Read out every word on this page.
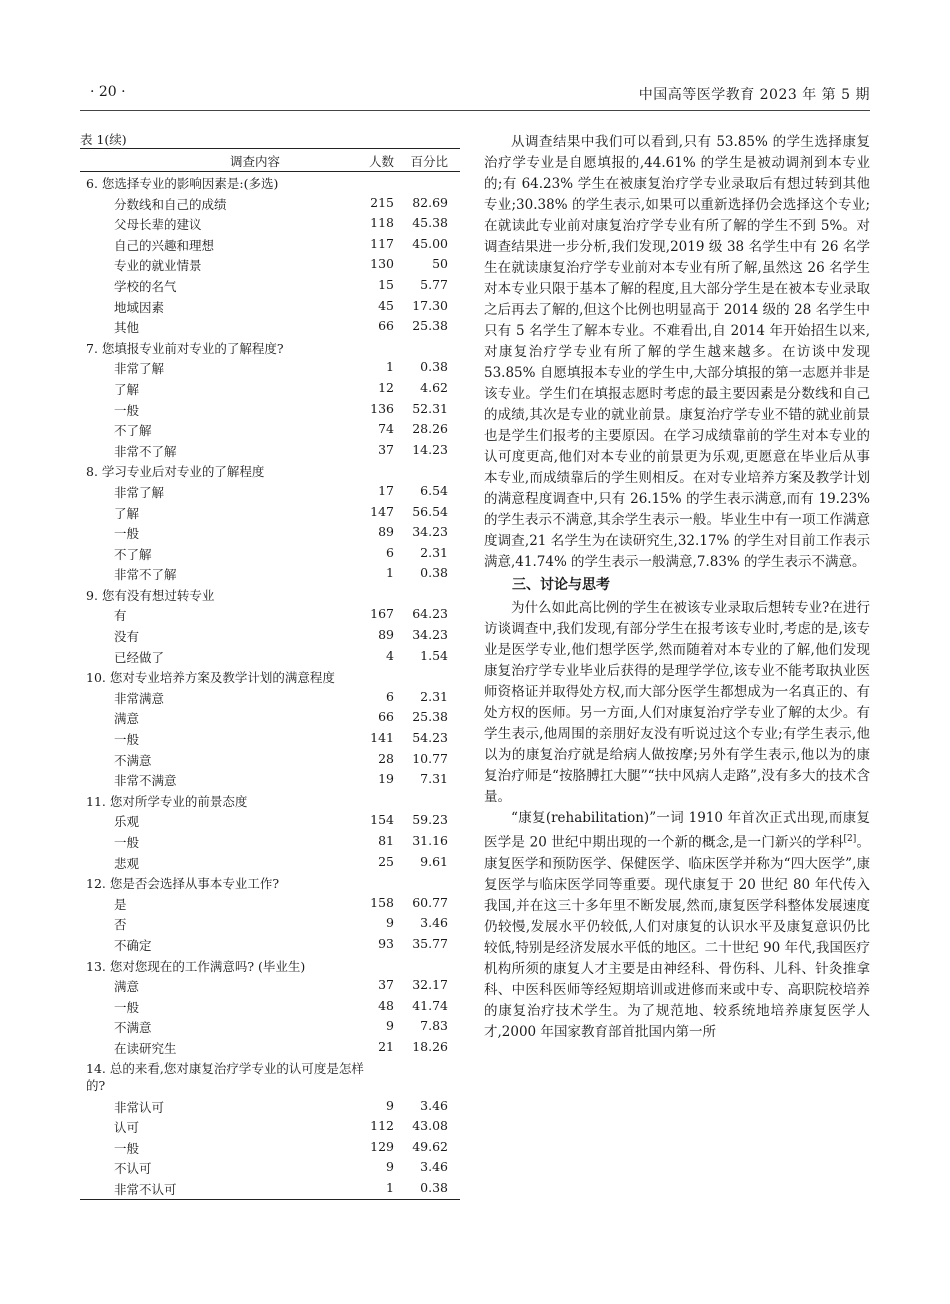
· 20 ·	中国高等医学教育 2023 年 第 5 期
表 1(续)
调查内容	人数 百分比
6. 您选择专业的影响因素是:(多选)
分数线和自己的成绩	215	82.69
父母长辈的建议	118	45.38
自己的兴趣和理想	117	45.00
专业的就业情景	130	50
学校的名气	15	5.77
地域因素	45	17.30
其他	66	25.38
7. 您填报专业前对专业的了解程度?
非常了解	1	0.38
了解	12	4.62
一般	136	52.31
不了解	74	28.26
非常不了解	37	14.23
8. 学习专业后对专业的了解程度
非常了解	17	6.54
了解	147	56.54
一般	89	34.23
不了解	6	2.31
非常不了解	1	0.38
9. 您有没有想过转专业
有	167	64.23
没有	89	34.23
已经做了	4	1.54
10. 您对专业培养方案及教学计划的满意程度
非常满意	6	2.31
满意	66	25.38
一般	141	54.23
不满意	28	10.77
非常不满意	19	7.31
11. 您对所学专业的前景态度
乐观	154	59.23
一般	81	31.16
悲观	25	9.61
12. 您是否会选择从事本专业工作?
是	158	60.77
否	9	3.46
不确定	93	35.77
13. 您对您现在的工作满意吗? (毕业生)
满意	37	32.17
一般	48	41.74
不满意	9	7.83
在读研究生	21	18.26
14. 总的来看,您对康复治疗学专业的认可度是怎样的?
非常认可	9	3.46
认可	112	43.08
一般	129	49.62
不认可	9	3.46
非常不认可	1	0.38

从调查结果中我们可以看到,只有 53.85% 的学生选择康复治疗学专业是自愿填报的,44.61% 的学生是被动调剂到本专业的;有 64.23% 学生在被康复治疗学专业录取后有想过转到其他专业;30.38% 的学生表示,如果可以重新选择仍会选择这个专业;在就读此专业前对康复治疗学专业有所了解的学生不到 5%。对调查结果进一步分析,我们发现,2019 级 38 名学生中有 26 名学生在就读康复治疗学专业前对本专业有所了解,虽然这 26 名学生对本专业只限于基本了解的程度,且大部分学生是在被本专业录取之后再去了解的,但这个比例也明显高于 2014 级的 28 名学生中只有 5 名学生了解本专业。不难看出,自 2014 年开始招生以来,对康复治疗学专业有所了解的学生越来越多。在访谈中发现 53.85% 自愿填报本专业的学生中,大部分填报的第一志愿并非是该专业。学生们在填报志愿时考虑的最主要因素是分数线和自己的成绩,其次是专业的就业前景。康复治疗学专业不错的就业前景也是学生们报考的主要原因。在学习成绩靠前的学生对本专业的认可度更高,他们对本专业的前景更为乐观,更愿意在毕业后从事本专业,而成绩靠后的学生则相反。在对专业培养方案及教学计划的满意程度调查中,只有 26.15% 的学生表示满意,而有 19.23% 的学生表示不满意,其余学生表示一般。毕业生中有一项工作满意度调查,21 名学生为在读研究生,32.17% 的学生对目前工作表示满意,41.74% 的学生表示一般满意,7.83% 的学生表示不满意。

三、讨论与思考

为什么如此高比例的学生在被该专业录取后想转专业?在进行访谈调查中,我们发现,有部分学生在报考该专业时,考虑的是,该专业是医学专业,他们想学医学,然而随着对本专业的了解,他们发现康复治疗学专业毕业后获得的是理学学位,该专业不能考取执业医师资格证并取得处方权,而大部分医学生都想成为一名真正的、有处方权的医师。另一方面,人们对康复治疗学专业了解的太少。有学生表示,他周围的亲朋好友没有听说过这个专业;有学生表示,他以为的康复治疗就是给病人做按摩;另外有学生表示,他以为的康复治疗师是“按胳膊扛大腿”“扶中风病人走路”,没有多大的技术含量。

“康复(rehabilitation)”一词 1910 年首次正式出现,而康复医学是 20 世纪中期出现的一个新的概念,是一门新兴的学科[2]。康复医学和预防医学、保健医学、临床医学并称为“四大医学”,康复医学与临床医学同等重要。现代康复于 20 世纪 80 年代传入我国,并在这三十多年里不断发展,然而,康复医学科整体发展速度仍较慢,发展水平仍较低,人们对康复的认识水平及康复意识仍比较低,特别是经济发展水平低的地区。二十世纪 90 年代,我国医疗机构所须的康复人才主要是由神经科、骨伤科、儿科、针灸推拿科、中医科医师等经短期培训或进修而来或中专、高职院校培养的康复治疗技术学生。为了规范地、较系统地培养康复医学人才,2000 年国家教育部首批国内第一所
